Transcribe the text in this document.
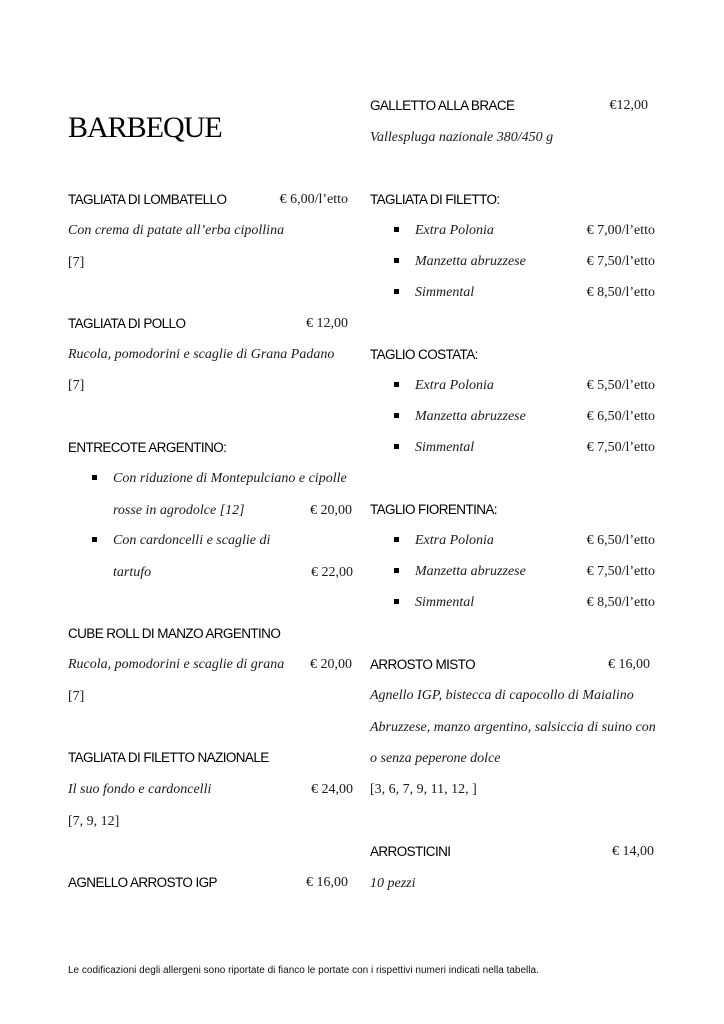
BARBEQUE
TAGLIATA DI LOMBATELLO	€ 6,00/l’etto
Con crema di patate all’erba cipollina
[7]
TAGLIATA DI POLLO	€ 12,00
Rucola, pomodorini e scaglie di Grana Padano
[7]
ENTRECOTE ARGENTINO:
Con riduzione di Montepulciano e cipolle
rosse in agrodolce [12]	€ 20,00
Con cardoncelli e scaglie di
tartufo	€ 22,00
CUBE ROLL DI MANZO ARGENTINO
Rucola, pomodorini e scaglie di grana € 20,00
[7]
TAGLIATA DI FILETTO NAZIONALE
Il suo fondo e cardoncelli	€ 24,00
[7, 9, 12]
AGNELLO ARROSTO IGP	€ 16,00
GALLETTO ALLA BRACE	€12,00
Vallespluga nazionale 380/450 g
TAGLIATA DI FILETTO:
Extra Polonia	€ 7,00/l’etto
Manzetta abruzzese	€ 7,50/l’etto
Simmental	€ 8,50/l’etto
TAGLIO COSTATA:
Extra Polonia	€ 5,50/l’etto
Manzetta abruzzese	€ 6,50/l’etto
Simmental	€ 7,50/l’etto
TAGLIO FIORENTINA:
Extra Polonia	€ 6,50/l’etto
Manzetta abruzzese	€ 7,50/l’etto
Simmental	€ 8,50/l’etto
ARROSTO MISTO	€ 16,00
Agnello IGP, bistecca di capocollo di Maialino
Abruzzese, manzo argentino, salsiccia di suino con
o senza peperone dolce
[3, 6, 7, 9, 11, 12, ]
ARROSTICINI	€ 14,00
10 pezzi
Le codificazioni degli allergeni sono riportate di fianco le portate con i rispettivi numeri indicati nella tabella.
